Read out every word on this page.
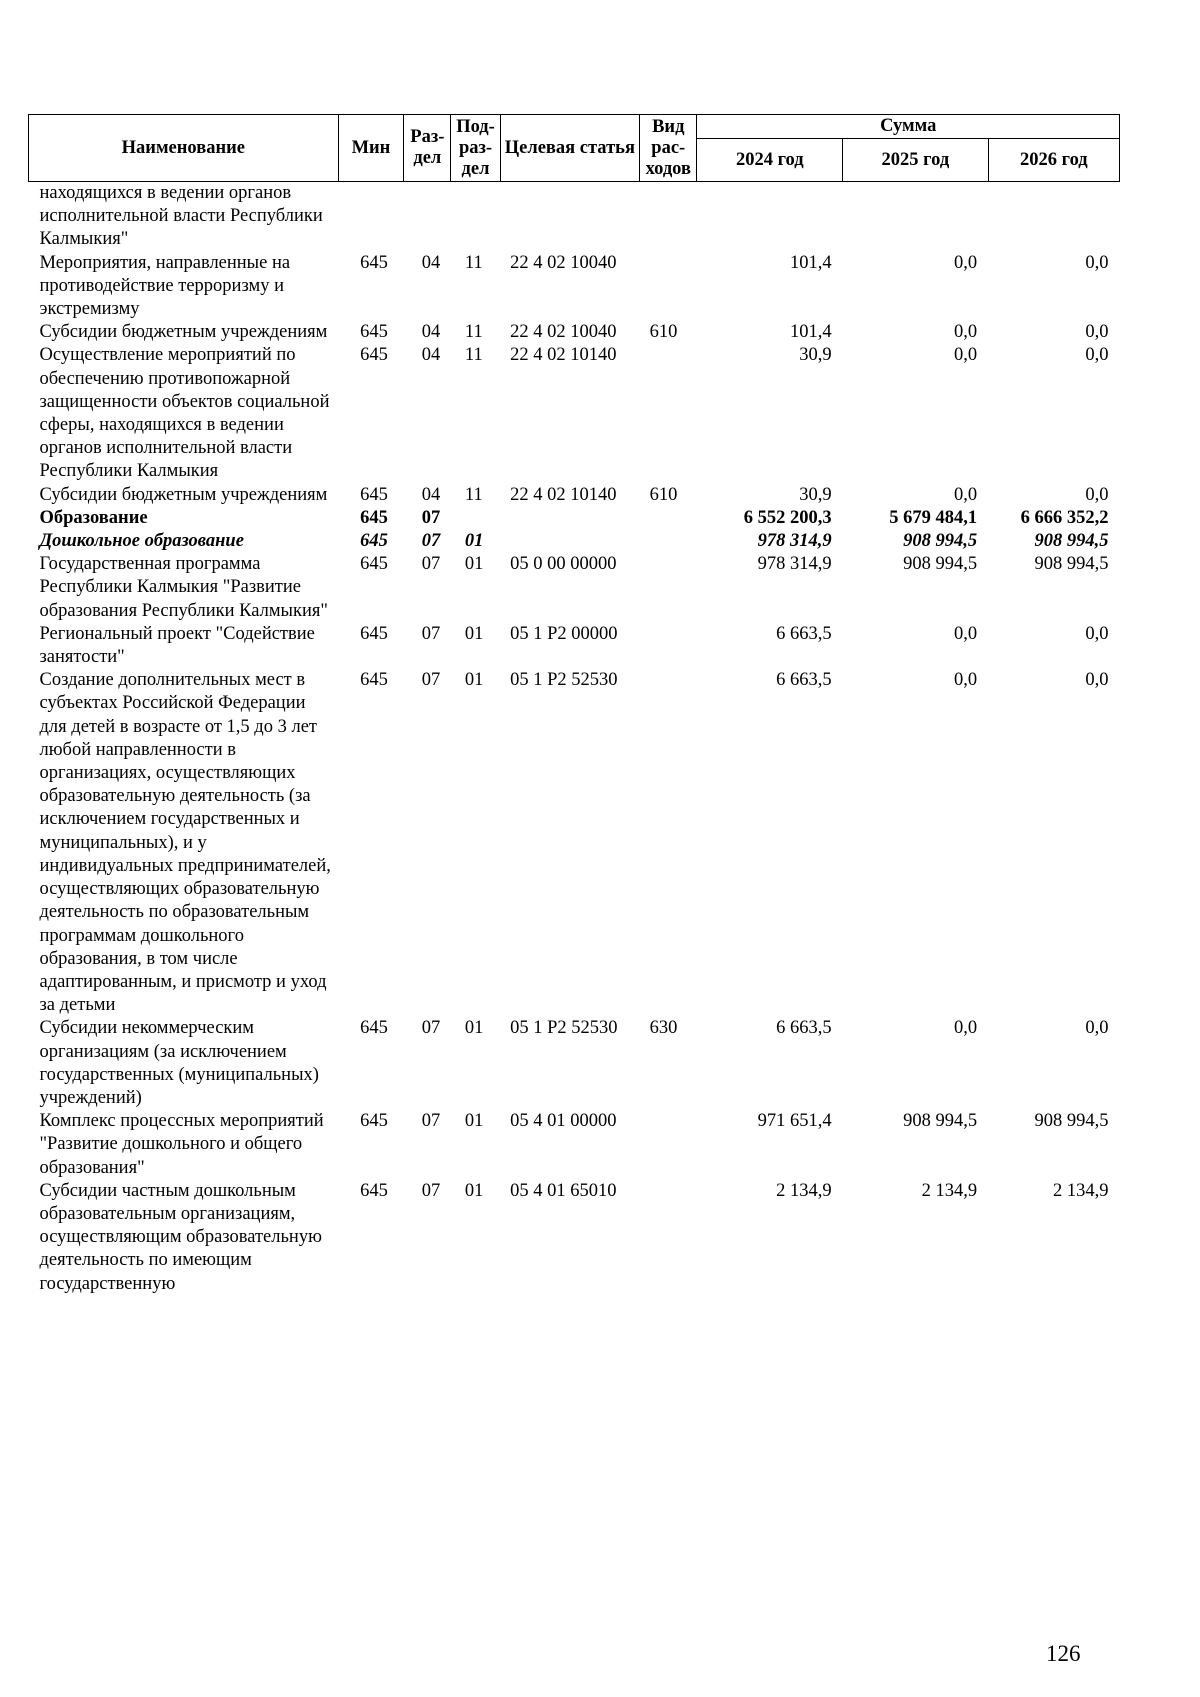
Наименование	Мин	Раз-дел	Под-раз-дел	Целевая статья	Вид рас-ходов	Сумма		
						2024 год	2025 год	2026 год
находящихся в ведении органов исполнительной власти Республики Калмыкия"								
Мероприятия, направленные на противодействие терроризму и экстремизму	645	04	11	22 4 02 10040		101,4	0,0	0,0
Субсидии бюджетным учреждениям	645	04	11	22 4 02 10040	610	101,4	0,0	0,0
Осуществление мероприятий по обеспечению противопожарной защищенности объектов социальной сферы, находящихся в ведении органов исполнительной власти Республики Калмыкия	645	04	11	22 4 02 10140		30,9	0,0	0,0
Субсидии бюджетным учреждениям	645	04	11	22 4 02 10140	610	30,9	0,0	0,0
Образование	645	07				6 552 200,3	5 679 484,1	6 666 352,2
Дошкольное образование	645	07	01			978 314,9	908 994,5	908 994,5
Государственная программа Республики Калмыкия "Развитие образования Республики Калмыкия"	645	07	01	05 0 00 00000		978 314,9	908 994,5	908 994,5
Региональный проект "Содействие занятости"	645	07	01	05 1 P2 00000		6 663,5	0,0	0,0
Создание дополнительных мест в субъектах Российской Федерации для детей в возрасте от 1,5 до 3 лет любой направленности в организациях, осуществляющих образовательную деятельность (за исключением государственных и муниципальных), и у индивидуальных предпринимателей, осуществляющих образовательную деятельность по образовательным программам дошкольного образования, в том числе адаптированным, и присмотр и уход за детьми	645	07	01	05 1 P2 52530		6 663,5	0,0	0,0
Субсидии некоммерческим организациям (за исключением государственных (муниципальных) учреждений)	645	07	01	05 1 P2 52530	630	6 663,5	0,0	0,0
Комплекс процессных мероприятий "Развитие дошкольного и общего образования"	645	07	01	05 4 01 00000		971 651,4	908 994,5	908 994,5
Субсидии частным дошкольным образовательным организациям, осуществляющим образовательную деятельность по имеющим государственную	645	07	01	05 4 01 65010		2 134,9	2 134,9	2 134,9
126
